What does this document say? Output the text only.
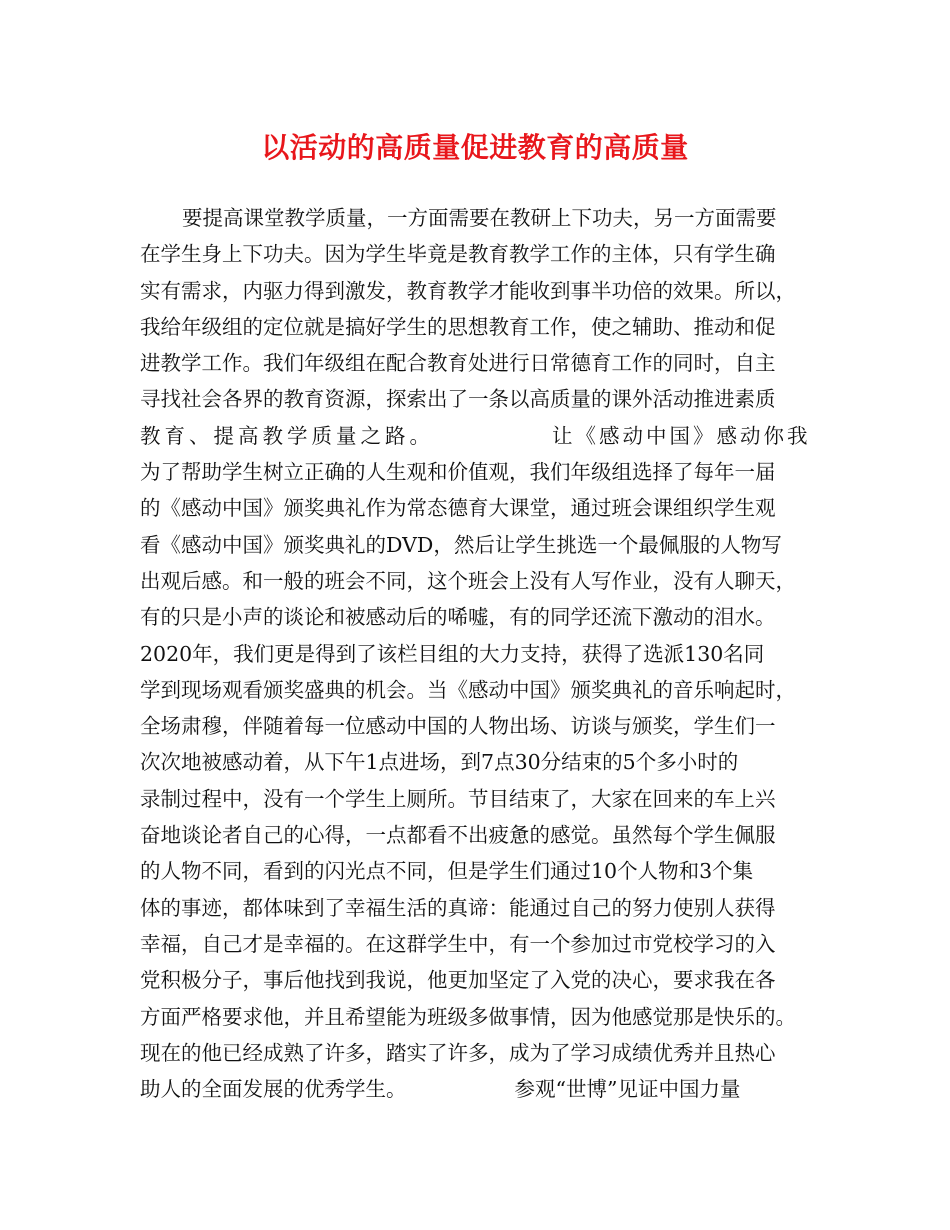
以活动的高质量促进教育的高质量
要提高课堂教学质量，一方面需要在教研上下功夫，另一方面需要
在学生身上下功夫。因为学生毕竟是教育教学工作的主体，只有学生确
实有需求，内驱力得到激发，教育教学才能收到事半功倍的效果。所以，
我给年级组的定位就是搞好学生的思想教育工作，使之辅助、推动和促
进教学工作。我们年级组在配合教育处进行日常德育工作的同时，自主
寻找社会各界的教育资源，探索出了一条以高质量的课外活动推进素质
教育、提高教学质量之路。	让《感动中国》感动你我
为了帮助学生树立正确的人生观和价值观，我们年级组选择了每年一届
的《感动中国》颁奖典礼作为常态德育大课堂，通过班会课组织学生观
看《感动中国》颁奖典礼的DVD，然后让学生挑选一个最佩服的人物写
出观后感。和一般的班会不同，这个班会上没有人写作业，没有人聊天，
有的只是小声的谈论和被感动后的唏嘘，有的同学还流下激动的泪水。
2020年，我们更是得到了该栏目组的大力支持，获得了选派130名同
学到现场观看颁奖盛典的机会。当《感动中国》颁奖典礼的音乐响起时，
全场肃穆，伴随着每一位感动中国的人物出场、访谈与颁奖，学生们一
次次地被感动着，从下午1点进场，到7点30分结束的5个多小时的
录制过程中，没有一个学生上厕所。节目结束了，大家在回来的车上兴
奋地谈论者自己的心得，一点都看不出疲惫的感觉。虽然每个学生佩服
的人物不同，看到的闪光点不同，但是学生们通过10个人物和3个集
体的事迹，都体味到了幸福生活的真谛：能通过自己的努力使别人获得
幸福，自己才是幸福的。在这群学生中，有一个参加过市党校学习的入
党积极分子，事后他找到我说，他更加坚定了入党的决心，要求我在各
方面严格要求他，并且希望能为班级多做事情，因为他感觉那是快乐的。
现在的他已经成熟了许多，踏实了许多，成为了学习成绩优秀并且热心
助人的全面发展的优秀学生。	参观“世博”见证中国力量
